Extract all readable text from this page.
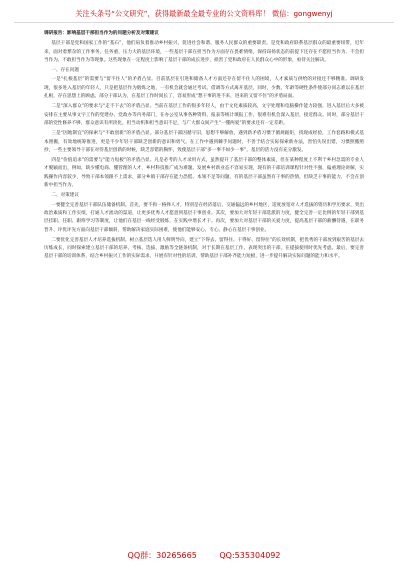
关注头条号“公文研究”，获得最新最全最专业的公文资料库！ 微信：gongwenyj

调研报告：影响基层干部担当作为的问题分析及对策建议

基层干部是党和国家工作的“基石”，他们肩负着推动乡村振兴、促进社会和谐、服务人民群众的重要职责。是党和政府联系基层群众的最重要纽带，近年来，面对着繁杂的工作事务、任务重、压力大的基层环境，一些基层干部在担当作为方面存在畏难情绪，保持昂扬状态的前提下还存在不愿担当作为、不会担当作为、不敢担当作为等现象。这些现象在一定程度上影响了基层干部的成长进步，损害了党和政府在人民群众心中的形象，亟待关注解决。

一、存在问题

一是“扎根基层”的需要与“留不住人”的矛盾凸显。目前基层在引进和储备人才方面还存在留不住人的困境，人才素质与供给的对接还不够精准。调研发现，很多进入基层的年轻人，只是把基层作为锻炼之地，一有机会就会通过考试、借调等方式离开基层，同时，少数、年龄等硬性条件使部分同志难以在基层扎根，存在思想上的顾虑。部分干部认为，在基层工作时间长了，容易形成“想干事的进不来，进来的又留不住”的矛盾局面。

二是“深入群众”的要求与“走不下去”的矛盾凸显。当前在基层工作的很多年轻人，由于文化素质较高，文字处理和电脑操作能力较强，进入基层后大多被安排在主要从事文字工作的党建办、党政办等内务部门，在办公室从事各种资料、报表等统计填报工作，很难有机会深入基层，接近群众。同时，部分基层干部的党性修养不够，群众意识有所淡化，担当动机和担当意识不足，与广大群众间产生“一懂两爱”的要求还有一定差距。

三是“因地制宜”的探索与“不敢创新”的矛盾凸显。部分基层干部因循守旧，思想不够解放，遇到新矛盾习惯于循规蹈矩，找现成经验，工作套路和模式基本照搬，有效地统筹推进，更是不少年轻干部缺乏创新的意识和勇气。在工作中遇到棘手问题时，不善于结合实际探索新办法，害怕失误出错，习惯照搬照抄，一些主要领导干部在对待基层创新的时候，缺乏容错的胸怀，致使基层干部“多一事不如少一事”，基层的活力没有充分激发。

四是“价值追求”的需要与“能力短板”的矛盾凸显。凡是必考的人才录用方式，虽然提升了基层干部的整体素质，但在某种程度上不利于乡村急需的专业人才脱颖而出，例如，缺少懂电商、懂管理的人才，乡村科技推广成为难题。发展乡村新业态不容易实现，现有的干部培训课程针对性不强，偏重理论讲解，实践操作内容较少，导致干部本领跟不上需求，部分乡镇干部存在能力恐慌、本领不足等问题，有的基层干部虽然有干事的热情，但缺乏干事的能力，不会在创新中担当作为。

二、对策建议

一要健全完善基层干部队伍储备机制。首先，要不拘一格择人才，特别是在经济落后、交通偏远的乡村地区，适度放宽对人才选拔的资历和学历要求，突出政治素质和工作实绩，打通人才流动的渠道，让更多优秀人才愿意到基层干事创业。其次，要加大对年轻干部选派的力度，健全完善一定比例的年轻干部到基层挂职、任职、跟班学习等制度，让他们在基层一线经受锻炼，在实践中增长才干。再次，要加大对基层干部的关爱力度，提高基层干部的薪酬待遇，在职务晋升、评优评先方面向基层干部倾斜，帮助解决家庭实际困难，使他们能够安心、专心、静心在基层干事创业。

二要优化完善基层人才培养选拔机制。树立基层选人用人鲜明导向，建立“下得去、留得住、干得好、留得住”的长效机制，把优秀的干部放到艰苦的基层去历练成长，同时探索建立基层干部的培养、考核、选拔、激励等全链条机制，对于长期在基层工作、表现突出的干部，在提拔使用时优先考虑。最后，要完善基层干部的培训体系，结合乡村振兴工作的实际需求，开展有针对性的培训，帮助基层干部补齐能力短板，进一步提升解决实际问题的能力和水平。

QQ群：30265665	QQ:535304092
